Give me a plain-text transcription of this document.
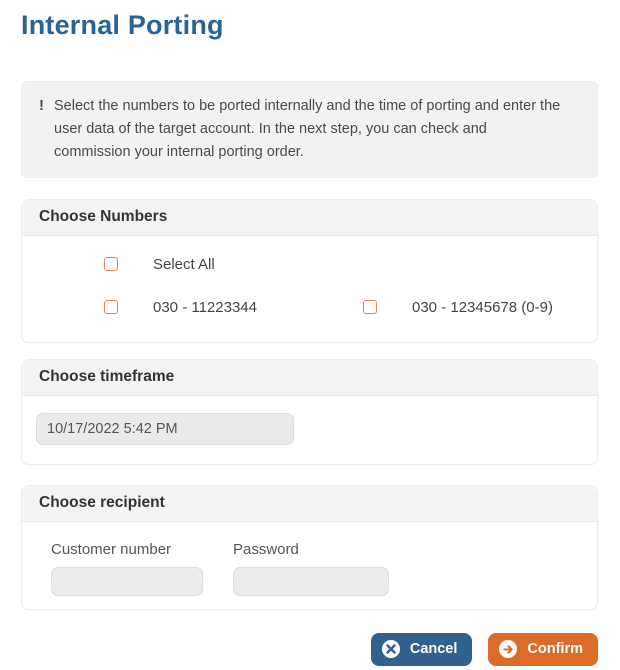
Internal Porting
! Select the numbers to be ported internally and the time of porting and enter the user data of the target account. In the next step, you can check and commission your internal porting order.
Choose Numbers
Select All
030 - 11223344	030 - 12345678 (0-9)
Choose timeframe
10/17/2022 5:42 PM
Choose recipient
Customer number	Password
Cancel	Confirm
